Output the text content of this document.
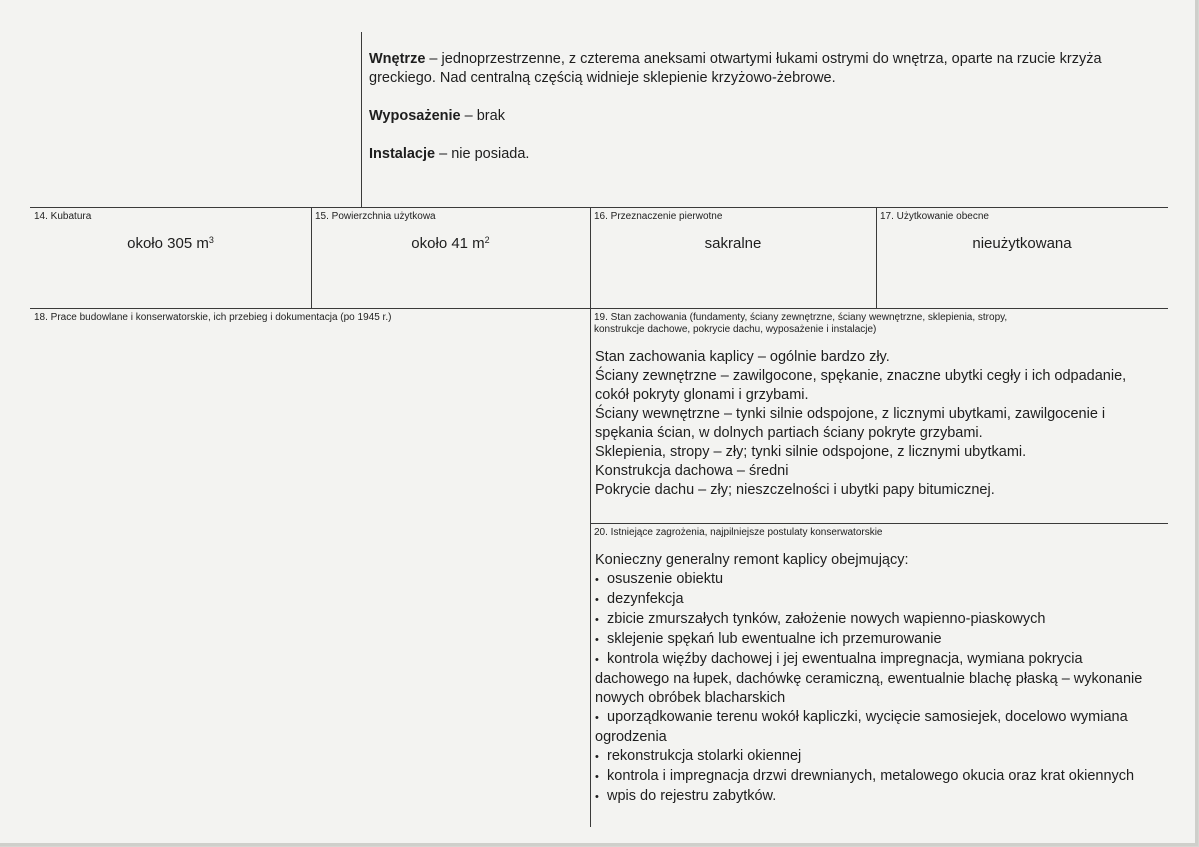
Wnętrze – jednoprzestrzenne, z czterema aneksami otwartymi łukami ostrymi do wnętrza, oparte na rzucie krzyża greckiego. Nad centralną częścią widnieje sklepienie krzyżowo-żebrowe.

Wyposażenie – brak

Instalacje – nie posiada.

14. Kubatura
około 305 $m^3$
15. Powierzchnia użytkowa
około 41 $m^2$
16. Przeznaczenie pierwotne
sakralne
17. Użytkowanie obecne
nieużytkowana
18. Prace budowlane i konserwatorskie, ich przebieg i dokumentacja (po 1945 r.)	19. Stan zachowania (fundamenty, ściany zewnętrzne, ściany wewnętrzne, sklepienia, stropy,
konstrukcje dachowe, pokrycie dachu, wyposażenie i instalacje)

Stan zachowania kaplicy – ogólnie bardzo zły.

Ściany zewnętrzne – zawilgocone, spękanie, znaczne ubytki cegły i ich odpadanie, cokół pokryty glonami i grzybami.

Ściany wewnętrzne – tynki silnie odspojone, z licznymi ubytkami, zawilgocenie i spękania ścian, w dolnych partiach ściany pokryte grzybami.

Sklepienia, stropy – zły; tynki silnie odspojone, z licznymi ubytkami.

Konstrukcja dachowa – średni

Pokrycie dachu – zły; nieszczelności i ubytki papy bitumicznej.

20. Istniejące zagrożenia, najpilniejsze postulaty konserwatorskie

Konieczny generalny remont kaplicy obejmujący:

• osuszenie obiektu
• dezynfekcja
• zbicie zmurszałych tynków, założenie nowych wapienno-piaskowych
• sklejenie spękań lub ewentualne ich przemurowanie
• kontrola więźby dachowej i jej ewentualna impregnacja, wymiana pokrycia dachowego na łupek, dachówkę ceramiczną, ewentualnie blachę płaską – wykonanie nowych obróbek blacharskich
• uporządkowanie terenu wokół kapliczki, wycięcie samosiejek, docelowo wymiana ogrodzenia
• rekonstrukcja stolarki okiennej
• kontrola i impregnacja drzwi drewnianych, metalowego okucia oraz krat okiennych
• wpis do rejestru zabytków.
